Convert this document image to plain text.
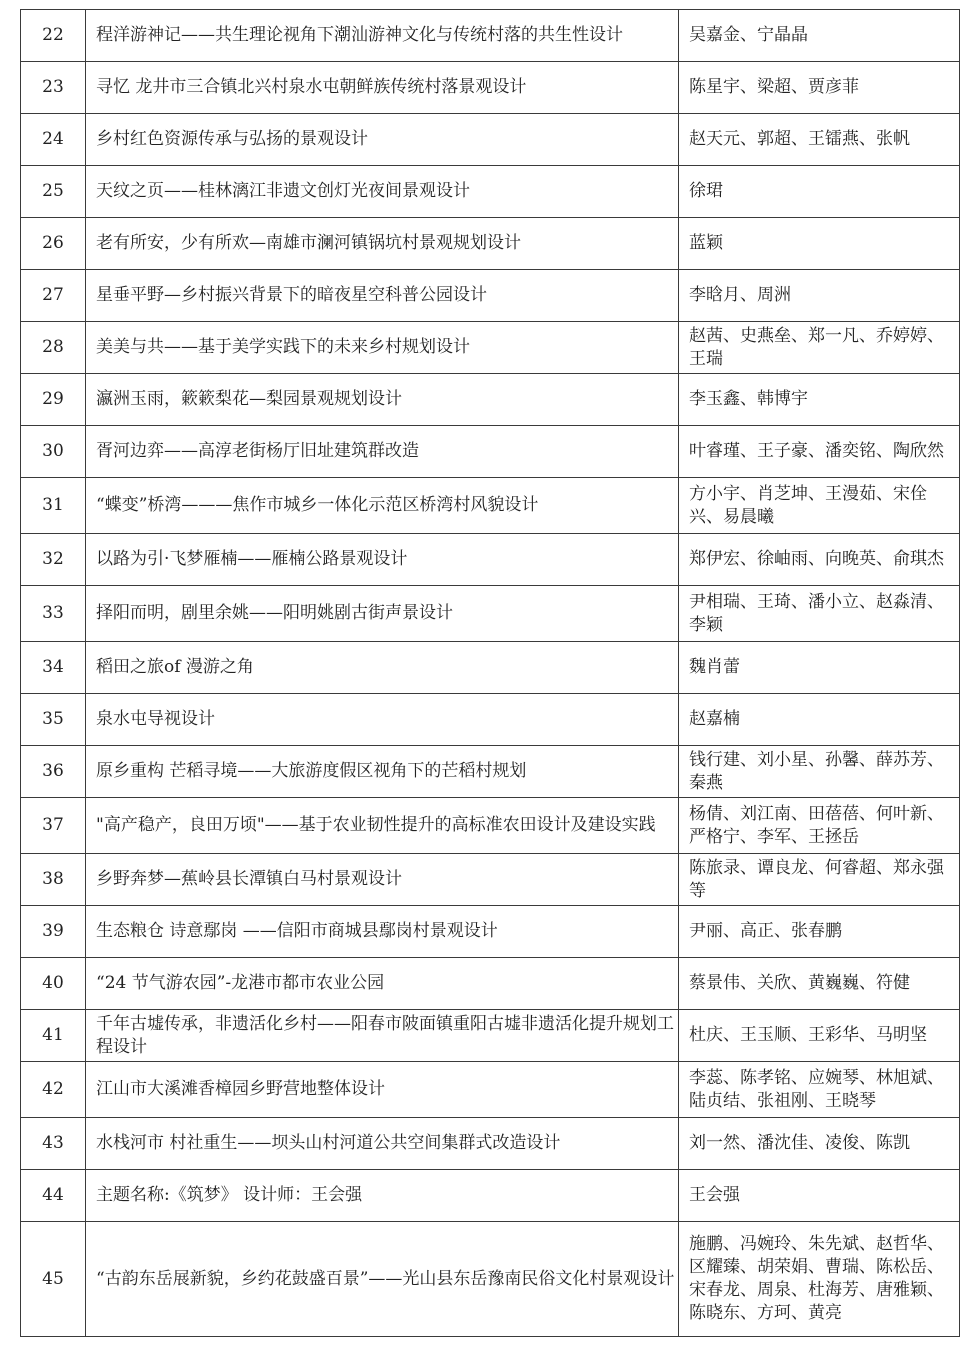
22	程洋游神记——共生理论视角下潮汕游神文化与传统村落的共生性设计	吴嘉金、宁晶晶
23	寻忆 龙井市三合镇北兴村泉水屯朝鲜族传统村落景观设计	陈星宇、梁超、贾彦菲
24	乡村红色资源传承与弘扬的景观设计	赵天元、郭超、王镭燕、张帆
25	天纹之页——桂林漓江非遗文创灯光夜间景观设计	徐珺
26	老有所安，少有所欢—南雄市澜河镇锅坑村景观规划设计	蓝颖
27	星垂平野—乡村振兴背景下的暗夜星空科普公园设计	李晗月、周洲
28	美美与共——基于美学实践下的未来乡村规划设计	赵茜、史燕垒、郑一凡、乔婷婷、王瑞
29	瀛洲玉雨，簌簌梨花—梨园景观规划设计	李玉鑫、韩博宇
30	胥河边弈——高淳老街杨厅旧址建筑群改造	叶睿瑾、王子豪、潘奕铭、陶欣然
31	“蝶变”桥湾———焦作市城乡一体化示范区桥湾村风貌设计	方小宇、肖芝坤、王漫茹、宋佺兴、易晨曦
32	以路为引·飞梦雁楠——雁楠公路景观设计	郑伊宏、徐岫雨、向晚英、俞琪杰
33	择阳而明，剧里余姚——阳明姚剧古街声景设计	尹相瑞、王琦、潘小立、赵淼清、李颖
34	稻田之旅of 漫游之角	魏肖蕾
35	泉水屯导视设计	赵嘉楠
36	原乡重构 芒稻寻境——大旅游度假区视角下的芒稻村规划	钱行建、刘小星、孙馨、薛苏芳、秦燕
37	"高产稳产，良田万顷"——基于农业韧性提升的高标准农田设计及建设实践	杨倩、刘江南、田蓓蓓、何叶新、严格宁、李军、王拯岳
38	乡野奔梦—蕉岭县长潭镇白马村景观设计	陈旅录、谭良龙、何睿超、郑永强等
39	生态粮仓 诗意鄢岗 ——信阳市商城县鄢岗村景观设计	尹丽、高正、张春鹏
40	“24 节气游农园”-龙港市都市农业公园	蔡景伟、关欣、黄巍巍、符健
41	千年古墟传承，非遗活化乡村——阳春市陂面镇重阳古墟非遗活化提升规划工程设计	杜庆、王玉顺、王彩华、马明坚
42	江山市大溪滩香樟园乡野营地整体设计	李蕊、陈孝铭、应婉琴、林旭斌、陆贞结、张祖刚、王晓琴
43	水栈河市 村社重生——坝头山村河道公共空间集群式改造设计	刘一然、潘沈佳、凌俊、陈凯
44	主题名称:《筑梦》 设计师：王会强	王会强
45	“古韵东岳展新貌，乡约花鼓盛百景”——光山县东岳豫南民俗文化村景观设计	施鹏、冯婉玲、朱先斌、赵哲华、区耀臻、胡荣娟、曹瑞、陈松岳、宋春龙、周泉、杜海芳、唐雅颖、陈晓东、方珂、黄亮
